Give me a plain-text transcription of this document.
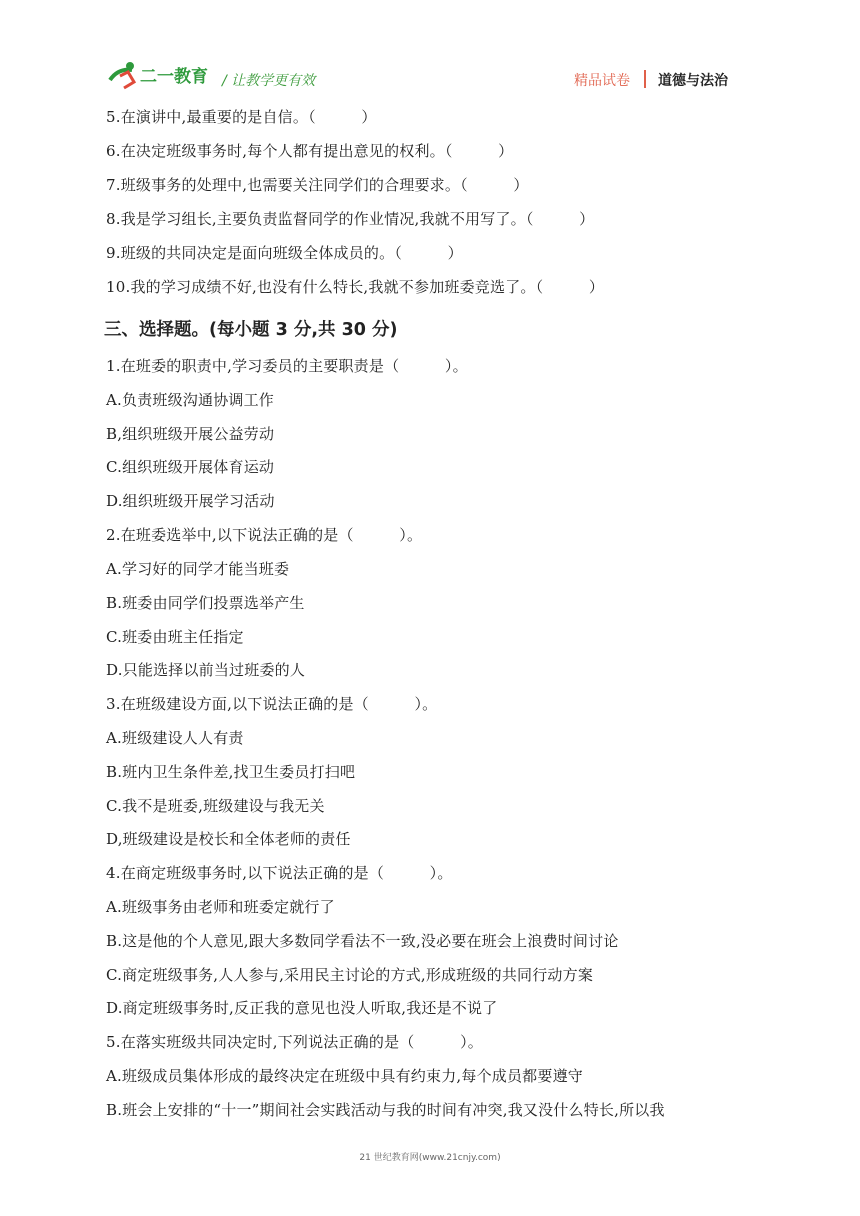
二一教育 / 让教学更有效	精品试卷 道德与法治
5.在演讲中,最重要的是自信。（　　　）
6.在决定班级事务时,每个人都有提出意见的权利。（　　　）
7.班级事务的处理中,也需要关注同学们的合理要求。（　　　）
8.我是学习组长,主要负责监督同学的作业情况,我就不用写了。（　　　）
9.班级的共同决定是面向班级全体成员的。（　　　）
10.我的学习成绩不好,也没有什么特长,我就不参加班委竞选了。（　　　）
三、选择题。(每小题 3 分,共 30 分)
1.在班委的职责中,学习委员的主要职责是（　　　）。
A.负责班级沟通协调工作
B,组织班级开展公益劳动
C.组织班级开展体育运动
D.组织班级开展学习活动
2.在班委选举中,以下说法正确的是（　　　）。
A.学习好的同学才能当班委
B.班委由同学们投票选举产生
C.班委由班主任指定
D.只能选择以前当过班委的人
3.在班级建设方面,以下说法正确的是（　　　）。
A.班级建设人人有责
B.班内卫生条件差,找卫生委员打扫吧
C.我不是班委,班级建设与我无关
D,班级建设是校长和全体老师的责任
4.在商定班级事务时,以下说法正确的是（　　　）。
A.班级事务由老师和班委定就行了
B.这是他的个人意见,跟大多数同学看法不一致,没必要在班会上浪费时间讨论
C.商定班级事务,人人参与,采用民主讨论的方式,形成班级的共同行动方案
D.商定班级事务时,反正我的意见也没人听取,我还是不说了
5.在落实班级共同决定时,下列说法正确的是（　　　）。
A.班级成员集体形成的最终决定在班级中具有约束力,每个成员都要遵守
B.班会上安排的“十一”期间社会实践活动与我的时间有冲突,我又没什么特长,所以我
21 世纪教育网(www.21cnjy.com)
